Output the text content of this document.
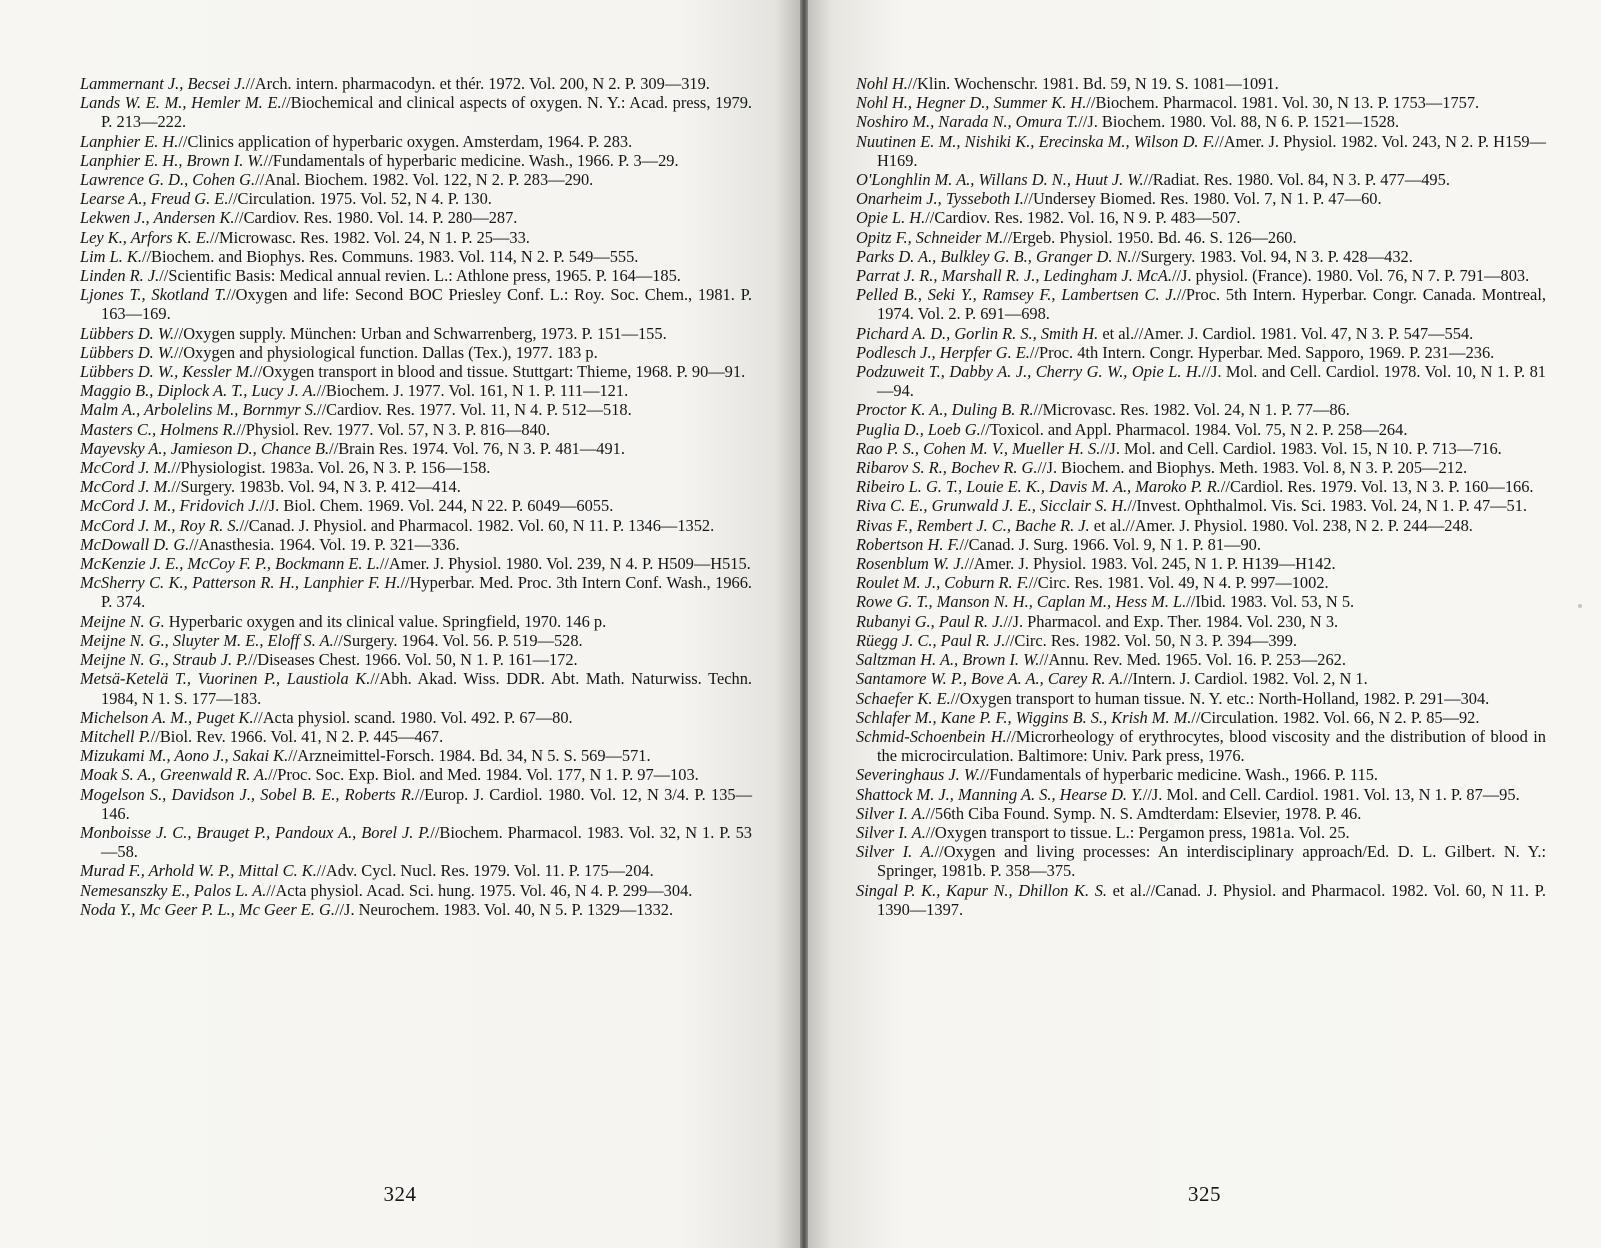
Lammernant J., Becsei J.//Arch. intern. pharmacodyn. et thér. 1972. Vol. 200, N 2. P. 309—319.

Lands W. E. M., Hemler M. E.//Biochemical and clinical aspects of oxygen. N. Y.: Acad. press, 1979. P. 213—222.

Lanphier E. H.//Clinics application of hyperbaric oxygen. Amsterdam, 1964. P. 283.

Lanphier E. H., Brown I. W.//Fundamentals of hyperbaric medicine. Wash., 1966. P. 3—29.

Lawrence G. D., Cohen G.//Anal. Biochem. 1982. Vol. 122, N 2. P. 283—290.

Learse A., Freud G. E.//Circulation. 1975. Vol. 52, N 4. P. 130.

Lekwen J., Andersen K.//Cardiov. Res. 1980. Vol. 14. P. 280—287.

Ley K., Arfors K. E.//Microwasc. Res. 1982. Vol. 24, N 1. P. 25—33.

Lim L. K.//Biochem. and Biophys. Res. Communs. 1983. Vol. 114, N 2. P. 549—555.

Linden R. J.//Scientific Basis: Medical annual revien. L.: Athlone press, 1965. P. 164—185.

Ljones T., Skotland T.//Oxygen and life: Second BOC Priesley Conf. L.: Roy. Soc. Chem., 1981. P. 163—169.

Lübbers D. W.//Oxygen supply. München: Urban and Schwarrenberg, 1973. P. 151—155.

Lübbers D. W.//Oxygen and physiological function. Dallas (Tex.), 1977. 183 p.

Lübbers D. W., Kessler M.//Oxygen transport in blood and tissue. Stuttgart: Thieme, 1968. P. 90—91.

Maggio B., Diplock A. T., Lucy J. A.//Biochem. J. 1977. Vol. 161, N 1. P. 111—121.

Malm A., Arbolelins M., Bornmyr S.//Cardiov. Res. 1977. Vol. 11, N 4. P. 512—518.

Masters C., Holmens R.//Physiol. Rev. 1977. Vol. 57, N 3. P. 816—840.

Mayevsky A., Jamieson D., Chance B.//Brain Res. 1974. Vol. 76, N 3. P. 481—491.

McCord J. M.//Physiologist. 1983a. Vol. 26, N 3. P. 156—158.

McCord J. M.//Surgery. 1983b. Vol. 94, N 3. P. 412—414.

McCord J. M., Fridovich J.//J. Biol. Chem. 1969. Vol. 244, N 22. P. 6049—6055.

McCord J. M., Roy R. S.//Canad. J. Physiol. and Pharmacol. 1982. Vol. 60, N 11. P. 1346—1352.

McDowall D. G.//Anasthesia. 1964. Vol. 19. P. 321—336.

McKenzie J. E., McCoy F. P., Bockmann E. L.//Amer. J. Physiol. 1980. Vol. 239, N 4. P. H509—H515.

McSherry C. K., Patterson R. H., Lanphier F. H.//Hyperbar. Med. Proc. 3th Intern Conf. Wash., 1966. P. 374.

Meijne N. G. Hyperbaric oxygen and its clinical value. Springfield, 1970. 146 p.

Meijne N. G., Sluyter M. E., Eloff S. A.//Surgery. 1964. Vol. 56. P. 519—528.

Meijne N. G., Straub J. P.//Diseases Chest. 1966. Vol. 50, N 1. P. 161—172.

Metsä-Ketelä T., Vuorinen P., Laustiola K.//Abh. Akad. Wiss. DDR. Abt. Math. Naturwiss. Techn. 1984, N 1. S. 177—183.

Michelson A. M., Puget K.//Acta physiol. scand. 1980. Vol. 492. P. 67—80.

Mitchell P.//Biol. Rev. 1966. Vol. 41, N 2. P. 445—467.

Mizukami M., Aono J., Sakai K.//Arzneimittel-Forsch. 1984. Bd. 34, N 5. S. 569—571.

Moak S. A., Greenwald R. A.//Proc. Soc. Exp. Biol. and Med. 1984. Vol. 177, N 1. P. 97—103.

Mogelson S., Davidson J., Sobel B. E., Roberts R.//Europ. J. Cardiol. 1980. Vol. 12, N 3/4. P. 135—146.

Monboisse J. C., Brauget P., Pandoux A., Borel J. P.//Biochem. Pharmacol. 1983. Vol. 32, N 1. P. 53—58.

Murad F., Arhold W. P., Mittal C. K.//Adv. Cycl. Nucl. Res. 1979. Vol. 11. P. 175—204.

Nemesanszky E., Palos L. A.//Acta physiol. Acad. Sci. hung. 1975. Vol. 46, N 4. P. 299—304.

Noda Y., Mc Geer P. L., Mc Geer E. G.//J. Neurochem. 1983. Vol. 40, N 5. P. 1329—1332.

324

Nohl H.//Klin. Wochenschr. 1981. Bd. 59, N 19. S. 1081—1091.

Nohl H., Hegner D., Summer K. H.//Biochem. Pharmacol. 1981. Vol. 30, N 13. P. 1753—1757.

Noshiro M., Narada N., Omura T.//J. Biochem. 1980. Vol. 88, N 6. P. 1521—1528.

Nuutinen E. M., Nishiki K., Erecinska M., Wilson D. F.//Amer. J. Physiol. 1982. Vol. 243, N 2. P. H159—H169.

O'Longhlin M. A., Willans D. N., Huut J. W.//Radiat. Res. 1980. Vol. 84, N 3. P. 477—495.

Onarheim J., Tysseboth I.//Undersey Biomed. Res. 1980. Vol. 7, N 1. P. 47—60.

Opie L. H.//Cardiov. Res. 1982. Vol. 16, N 9. P. 483—507.

Opitz F., Schneider M.//Ergeb. Physiol. 1950. Bd. 46. S. 126—260.

Parks D. A., Bulkley G. B., Granger D. N.//Surgery. 1983. Vol. 94, N 3. P. 428—432.

Parrat J. R., Marshall R. J., Ledingham J. McA.//J. physiol. (France). 1980. Vol. 76, N 7. P. 791—803.

Pelled B., Seki Y., Ramsey F., Lambertsen C. J.//Proc. 5th Intern. Hyperbar. Congr. Canada. Montreal, 1974. Vol. 2. P. 691—698.

Pichard A. D., Gorlin R. S., Smith H. et al.//Amer. J. Cardiol. 1981. Vol. 47, N 3. P. 547—554.

Podlesch J., Herpfer G. E.//Proc. 4th Intern. Congr. Hyperbar. Med. Sapporo, 1969. P. 231—236.

Podzuweit T., Dabby A. J., Cherry G. W., Opie L. H.//J. Mol. and Cell. Cardiol. 1978. Vol. 10, N 1. P. 81—94.

Proctor K. A., Duling B. R.//Microvasc. Res. 1982. Vol. 24, N 1. P. 77—86.

Puglia D., Loeb G.//Toxicol. and Appl. Pharmacol. 1984. Vol. 75, N 2. P. 258—264.

Rao P. S., Cohen M. V., Mueller H. S.//J. Mol. and Cell. Cardiol. 1983. Vol. 15, N 10. P. 713—716.

Ribarov S. R., Bochev R. G.//J. Biochem. and Biophys. Meth. 1983. Vol. 8, N 3. P. 205—212.

Ribeiro L. G. T., Louie E. K., Davis M. A., Maroko P. R.//Cardiol. Res. 1979. Vol. 13, N 3. P. 160—166.

Riva C. E., Grunwald J. E., Sicclair S. H.//Invest. Ophthalmol. Vis. Sci. 1983. Vol. 24, N 1. P. 47—51.

Rivas F., Rembert J. C., Bache R. J. et al.//Amer. J. Physiol. 1980. Vol. 238, N 2. P. 244—248.

Robertson H. F.//Canad. J. Surg. 1966. Vol. 9, N 1. P. 81—90.

Rosenblum W. J.//Amer. J. Physiol. 1983. Vol. 245, N 1. P. H139—H142.

Roulet M. J., Coburn R. F.//Circ. Res. 1981. Vol. 49, N 4. P. 997—1002.

Rowe G. T., Manson N. H., Caplan M., Hess M. L.//Ibid. 1983. Vol. 53, N 5.

Rubanyi G., Paul R. J.//J. Pharmacol. and Exp. Ther. 1984. Vol. 230, N 3.

Rüegg J. C., Paul R. J.//Circ. Res. 1982. Vol. 50, N 3. P. 394—399.

Saltzman H. A., Brown I. W.//Annu. Rev. Med. 1965. Vol. 16. P. 253—262.

Santamore W. P., Bove A. A., Carey R. A.//Intern. J. Cardiol. 1982. Vol. 2, N 1.

Schaefer K. E.//Oxygen transport to human tissue. N. Y. etc.: North-Holland, 1982. P. 291—304.

Schlafer M., Kane P. F., Wiggins B. S., Krish M. M.//Circulation. 1982. Vol. 66, N 2. P. 85—92.

Schmid-Schoenbein H.//Microrheology of erythrocytes, blood viscosity and the distribution of blood in the microcirculation. Baltimore: Univ. Park press, 1976.

Severinghaus J. W.//Fundamentals of hyperbaric medicine. Wash., 1966. P. 115.

Shattock M. J., Manning A. S., Hearse D. Y.//J. Mol. and Cell. Cardiol. 1981. Vol. 13, N 1. P. 87—95.

Silver I. A.//56th Ciba Found. Symp. N. S. Amdterdam: Elsevier, 1978. P. 46.

Silver I. A.//Oxygen transport to tissue. L.: Pergamon press, 1981a. Vol. 25.

Silver I. A.//Oxygen and living processes: An interdisciplinary approach/Ed. D. L. Gilbert. N. Y.: Springer, 1981b. P. 358—375.

Singal P. K., Kapur N., Dhillon K. S. et al.//Canad. J. Physiol. and Pharmacol. 1982. Vol. 60, N 11. P. 1390—1397.

325
